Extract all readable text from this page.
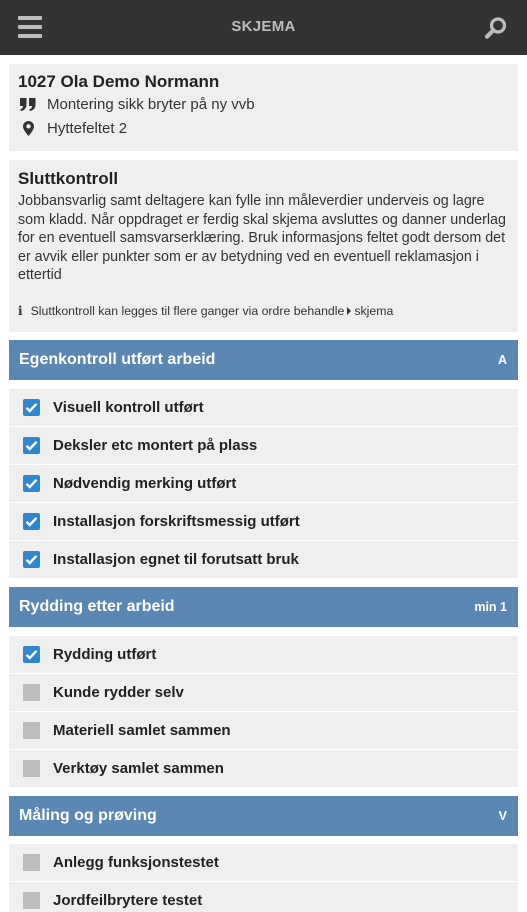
SKJEMA
1027 Ola Demo Normann
Montering sikk bryter på ny vvb
Hyttefeltet 2
Sluttkontroll
Jobbansvarlig samt deltagere kan fylle inn måleverdier underveis og lagre som kladd. Når oppdraget er ferdig skal skjema avsluttes og danner underlag for en eventuell samsvarserklæring. Bruk informasjons feltet godt dersom det er avvik eller punkter som er av betydning ved en eventuell reklamasjon i ettertid
i Sluttkontroll kan legges til flere ganger via ordre behandle skjema
Egenkontroll utført arbeid	A
Visuell kontroll utført
Deksler etc montert på plass
Nødvendig merking utført
Installasjon forskriftsmessig utført
Installasjon egnet til forutsatt bruk
Rydding etter arbeid	min 1
Rydding utført
Kunde rydder selv
Materiell samlet sammen
Verktøy samlet sammen
Måling og prøving	V
Anlegg funksjonstestet
Jordfeilbrytere testet
